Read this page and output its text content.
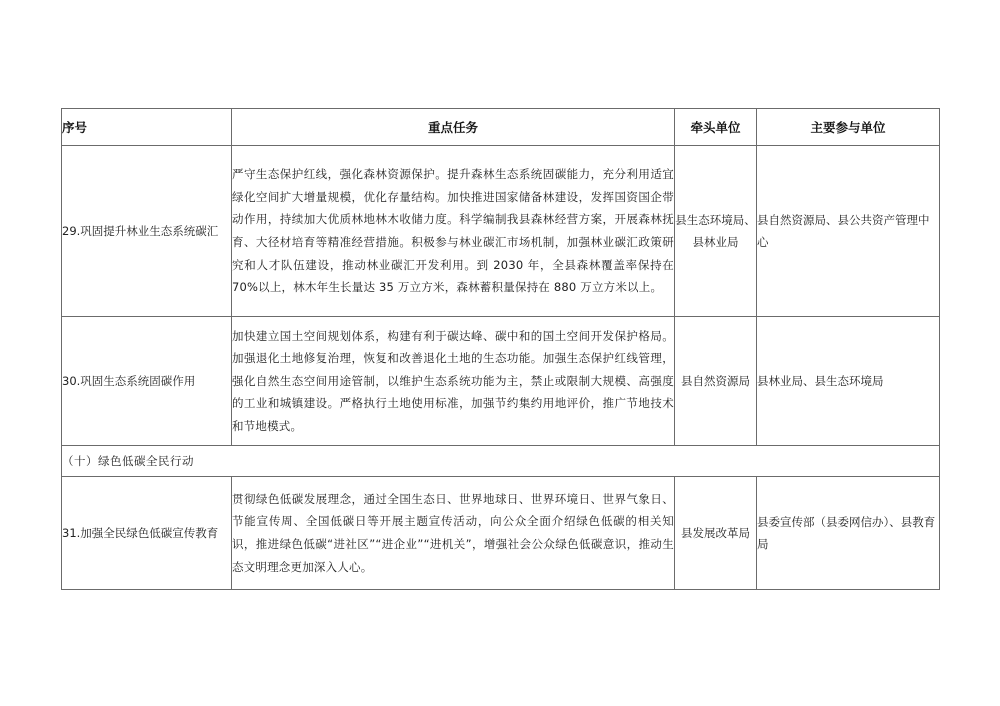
序号	重点任务	牵头单位	主要参与单位
29.巩固提升林业生态系统碳汇	严守生态保护红线，强化森林资源保护。提升森林生态系统固碳能力，充分利用适宜绿化空间扩大增量规模，优化存量结构。加快推进国家储备林建设，发挥国资国企带动作用，持续加大优质林地林木收储力度。科学编制我县森林经营方案，开展森林抚育、大径材培育等精准经营措施。积极参与林业碳汇市场机制，加强林业碳汇政策研究和人才队伍建设，推动林业碳汇开发利用。到 2030 年，全县森林覆盖率保持在 70%以上，林木年生长量达 35 万立方米，森林蓄积量保持在 880 万立方米以上。	县生态环境局、县林业局	县自然资源局、县公共资产管理中心
30.巩固生态系统固碳作用	加快建立国土空间规划体系，构建有利于碳达峰、碳中和的国土空间开发保护格局。加强退化土地修复治理，恢复和改善退化土地的生态功能。加强生态保护红线管理，强化自然生态空间用途管制，以维护生态系统功能为主，禁止或限制大规模、高强度的工业和城镇建设。严格执行土地使用标准，加强节约集约用地评价，推广节地技术和节地模式。	县自然资源局	县林业局、县生态环境局
（十）绿色低碳全民行动			
31.加强全民绿色低碳宣传教育	贯彻绿色低碳发展理念，通过全国生态日、世界地球日、世界环境日、世界气象日、节能宣传周、全国低碳日等开展主题宣传活动，向公众全面介绍绿色低碳的相关知识，推进绿色低碳“进社区”“进企业”“进机关”，增强社会公众绿色低碳意识，推动生态文明理念更加深入人心。	县发展改革局	县委宣传部（县委网信办）、县教育局
